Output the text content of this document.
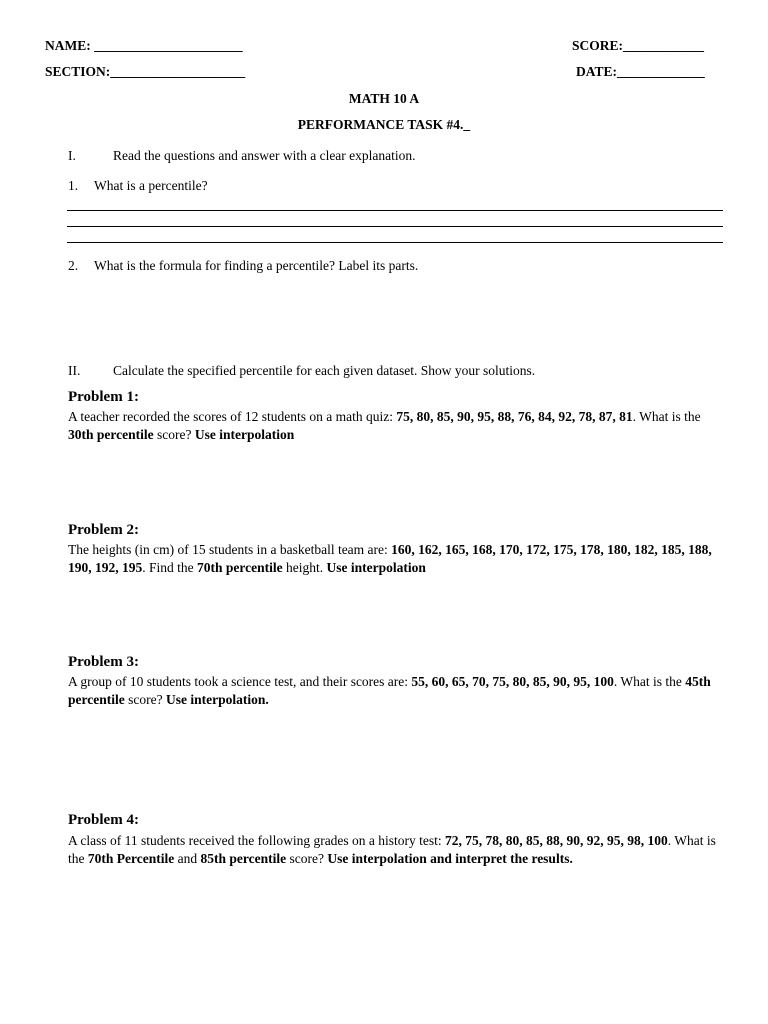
NAME: ______________________	SCORE:____________
SECTION:____________________	DATE:_____________
MATH 10 A
PERFORMANCE TASK #4._
I.	Read the questions and answer with a clear explanation.
1. What is a percentile?
2. What is the formula for finding a percentile? Label its parts.
II. Calculate the specified percentile for each given dataset. Show your solutions.
Problem 1:
A teacher recorded the scores of 12 students on a math quiz: 75, 80, 85, 90, 95, 88, 76, 84, 92, 78, 87, 81. What is the 30th percentile score? Use interpolation
Problem 2:
The heights (in cm) of 15 students in a basketball team are: 160, 162, 165, 168, 170, 172, 175, 178, 180, 182, 185, 188, 190, 192, 195. Find the 70th percentile height. Use interpolation
Problem 3:
A group of 10 students took a science test, and their scores are: 55, 60, 65, 70, 75, 80, 85, 90, 95, 100. What is the 45th percentile score? Use interpolation.
Problem 4:
A class of 11 students received the following grades on a history test: 72, 75, 78, 80, 85, 88, 90, 92, 95, 98, 100. What is the 70th Percentile and 85th percentile score? Use interpolation and interpret the results.
